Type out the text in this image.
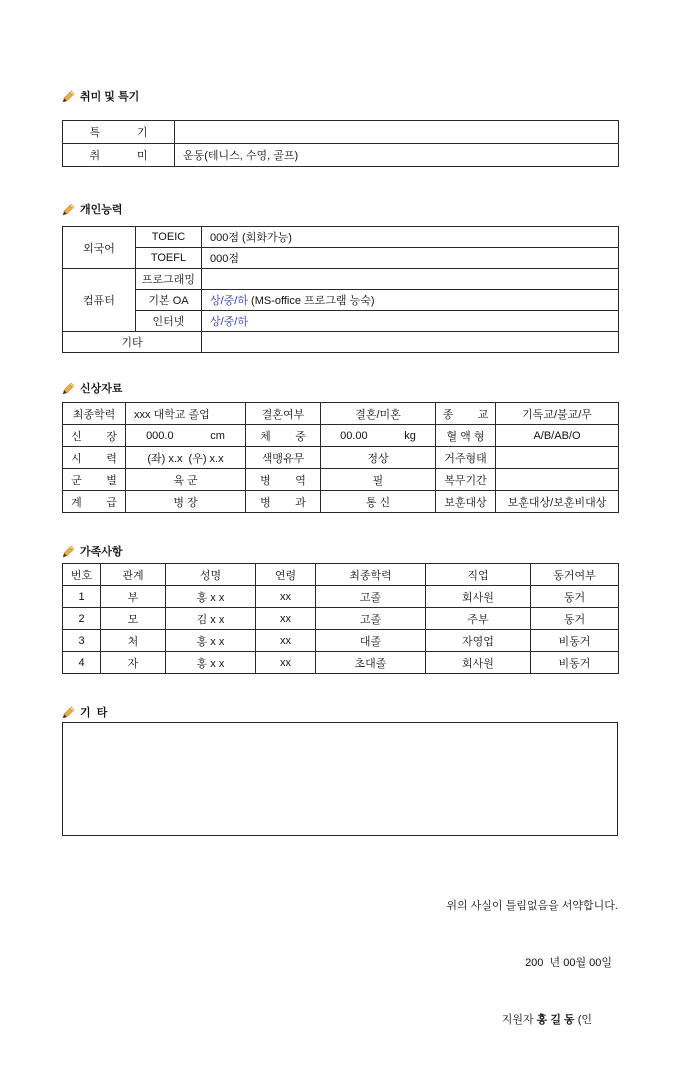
취미 및 특기
특            기	
취            미	운동(테니스, 수영, 골프)
개인능력
외국어	TOEIC	000점 (회화가능)
	TOEFL	000점
컴퓨터	프로그래밍	
	기본 OA	상/중/하 (MS-office 프로그램 능숙)
	인터넷	상/중/하
기타		
신상자료
최종학력	xxx 대학교 졸업	결혼여부	결혼/미혼	종        교	기독교/불교/무
신        장	000.0            cm	체        중	00.00            kg	혈 액 형	A/B/AB/O
시        력	(좌) x.x  (우) x.x	색맹유무	정상	거주형태	
군        별	육 군	병        역	필	복무기간	
계        급	병 장	병        과	통 신	보훈대상	보훈대상/보훈비대상
가족사항
번호	관계	성명	연령	최종학력	직업	동거여부
1	부	홍 x x	xx	고졸	회사원	동거
2	모	김 x x	xx	고졸	주부	동거
3	처	홍 x x	xx	대졸	자영업	비동거
4	자	홍 x x	xx	초대졸	회사원	비동거
기  타

위의 사실이 틀림없음을 서약합니다.

200  년 00월 00일

지원자 홍 길 동 (인
